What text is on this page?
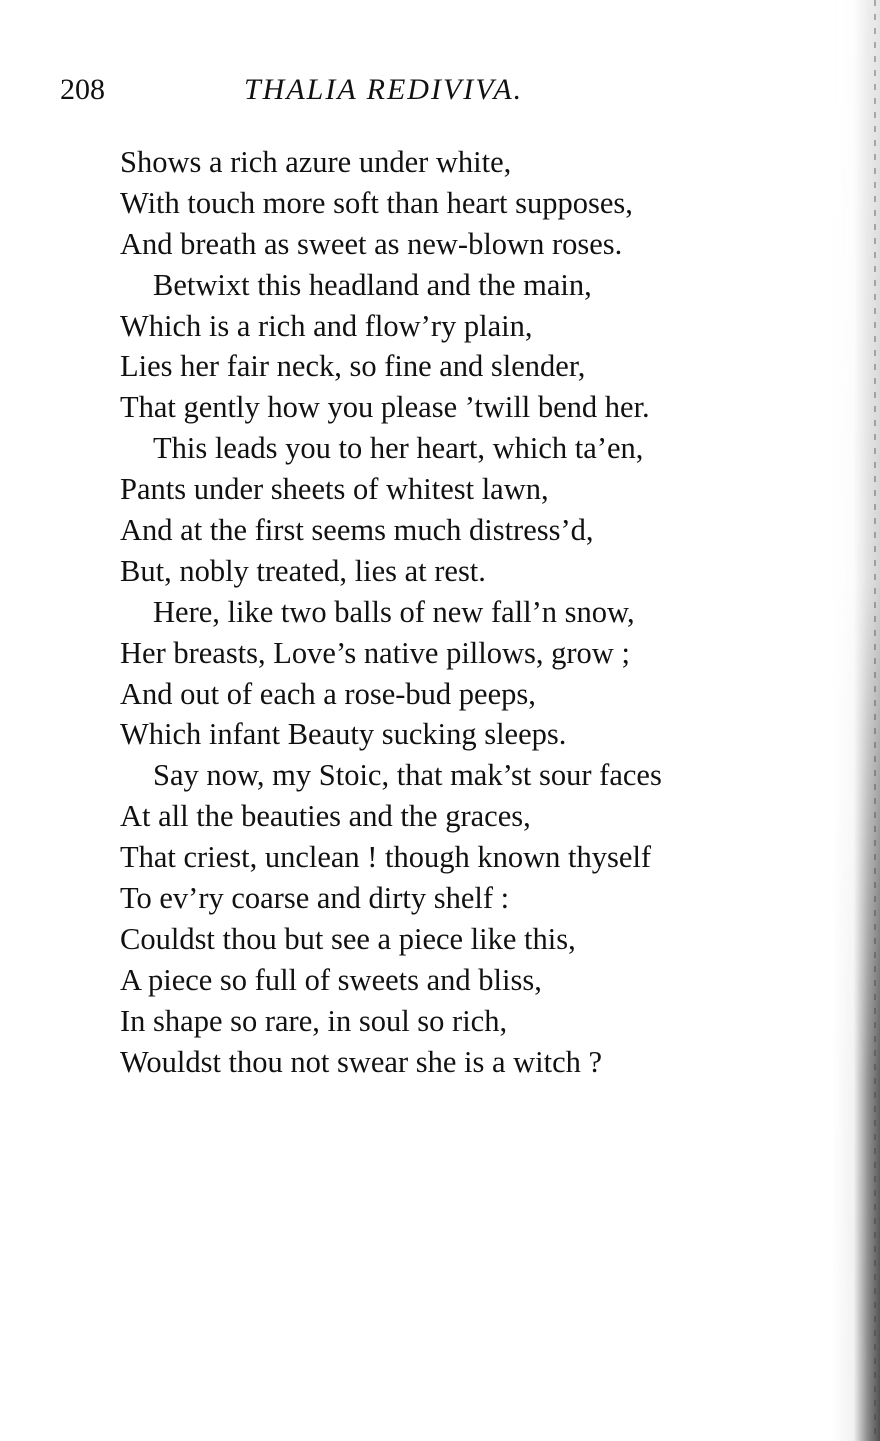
208	THALIA REDIVIVA.
Shows a rich azure under white,
With touch more soft than heart supposes,
And breath as sweet as new-blown roses.
Betwixt this headland and the main,
Which is a rich and flow’ry plain,
Lies her fair neck, so fine and slender,
That gently how you please ’twill bend her.
This leads you to her heart, which ta’en,
Pants under sheets of whitest lawn,
And at the first seems much distress’d,
But, nobly treated, lies at rest.
Here, like two balls of new fall’n snow,
Her breasts, Love’s native pillows, grow ;
And out of each a rose-bud peeps,
Which infant Beauty sucking sleeps.
Say now, my Stoic, that mak’st sour faces
At all the beauties and the graces,
That criest, unclean ! though known thyself
To ev’ry coarse and dirty shelf :
Couldst thou but see a piece like this,
A piece so full of sweets and bliss,
In shape so rare, in soul so rich,
Wouldst thou not swear she is a witch ?
